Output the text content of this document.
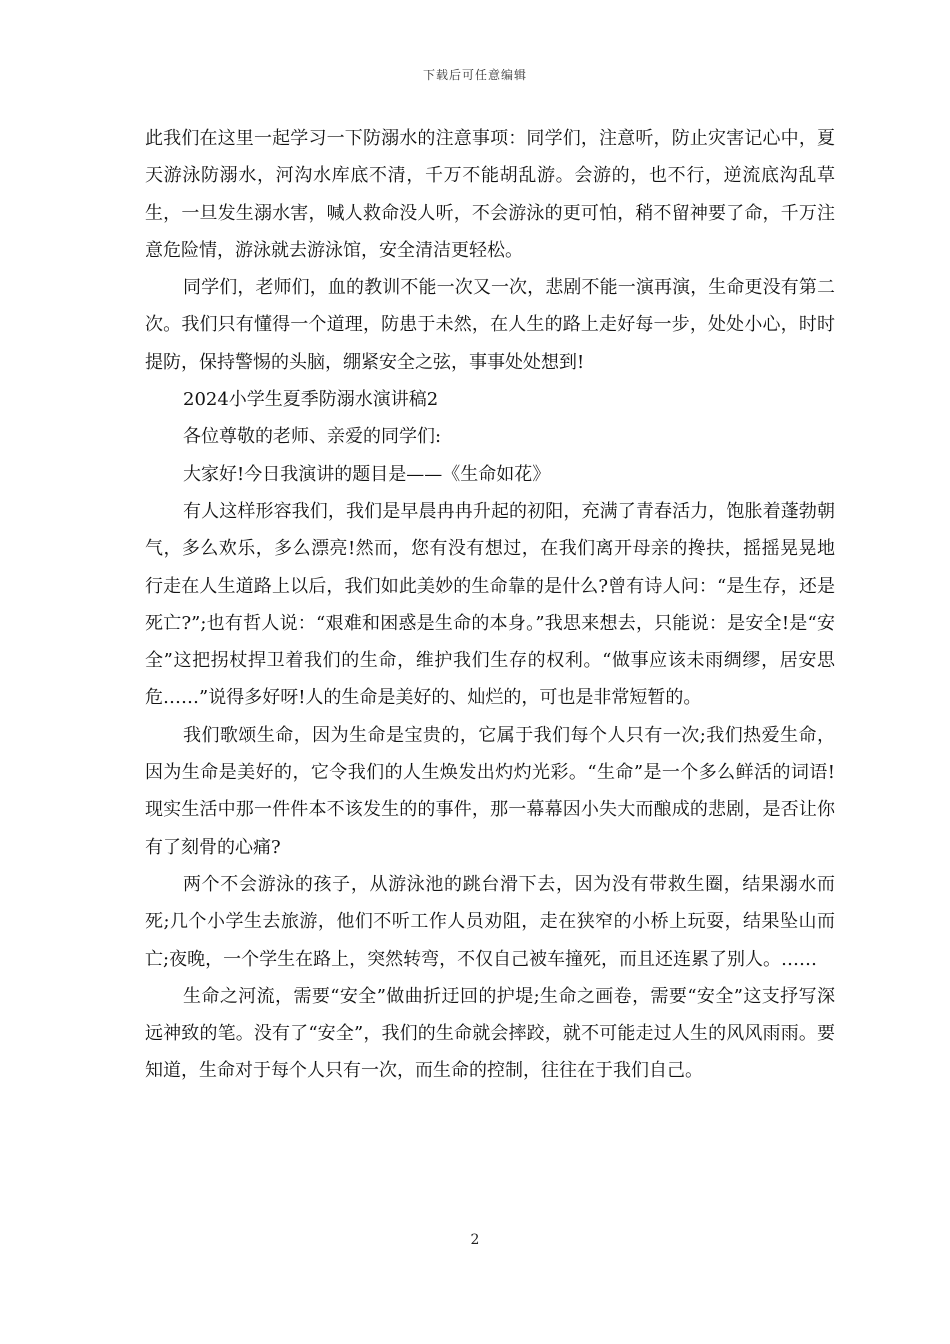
下载后可任意编辑

此我们在这里一起学习一下防溺水的注意事项：同学们，注意听，防止灾害记心中，夏天游泳防溺水，河沟水库底不清，千万不能胡乱游。会游的，也不行，逆流底沟乱草生，一旦发生溺水害，喊人救命没人听，不会游泳的更可怕，稍不留神要了命，千万注意危险情，游泳就去游泳馆，安全清洁更轻松。

同学们，老师们，血的教训不能一次又一次，悲剧不能一演再演，生命更没有第二次。我们只有懂得一个道理，防患于未然，在人生的路上走好每一步，处处小心，时时提防，保持警惕的头脑，绷紧安全之弦，事事处处想到!

2024小学生夏季防溺水演讲稿2

各位尊敬的老师、亲爱的同学们:

大家好!今日我演讲的题目是——《生命如花》

有人这样形容我们，我们是早晨冉冉升起的初阳，充满了青春活力，饱胀着蓬勃朝气，多么欢乐，多么漂亮!然而，您有没有想过，在我们离开母亲的搀扶，摇摇晃晃地行走在人生道路上以后，我们如此美妙的生命靠的是什么?曾有诗人问：“是生存，还是死亡?”;也有哲人说：“艰难和困惑是生命的本身。”我思来想去，只能说：是安全!是“安全”这把拐杖捍卫着我们的生命，维护我们生存的权利。“做事应该未雨绸缪，居安思危……”说得多好呀!人的生命是美好的、灿烂的，可也是非常短暂的。

我们歌颂生命，因为生命是宝贵的，它属于我们每个人只有一次;我们热爱生命，因为生命是美好的，它令我们的人生焕发出灼灼光彩。“生命”是一个多么鲜活的词语!现实生活中那一件件本不该发生的的事件，那一幕幕因小失大而酿成的悲剧，是否让你有了刻骨的心痛?

两个不会游泳的孩子，从游泳池的跳台滑下去，因为没有带救生圈，结果溺水而死;几个小学生去旅游，他们不听工作人员劝阻，走在狭窄的小桥上玩耍，结果坠山而亡;夜晚，一个学生在路上，突然转弯，不仅自己被车撞死，而且还连累了别人。……

生命之河流，需要“安全”做曲折迂回的护堤;生命之画卷，需要“安全”这支抒写深远神致的笔。没有了“安全”，我们的生命就会摔跤，就不可能走过人生的风风雨雨。要知道，生命对于每个人只有一次，而生命的控制，往往在于我们自己。

2
